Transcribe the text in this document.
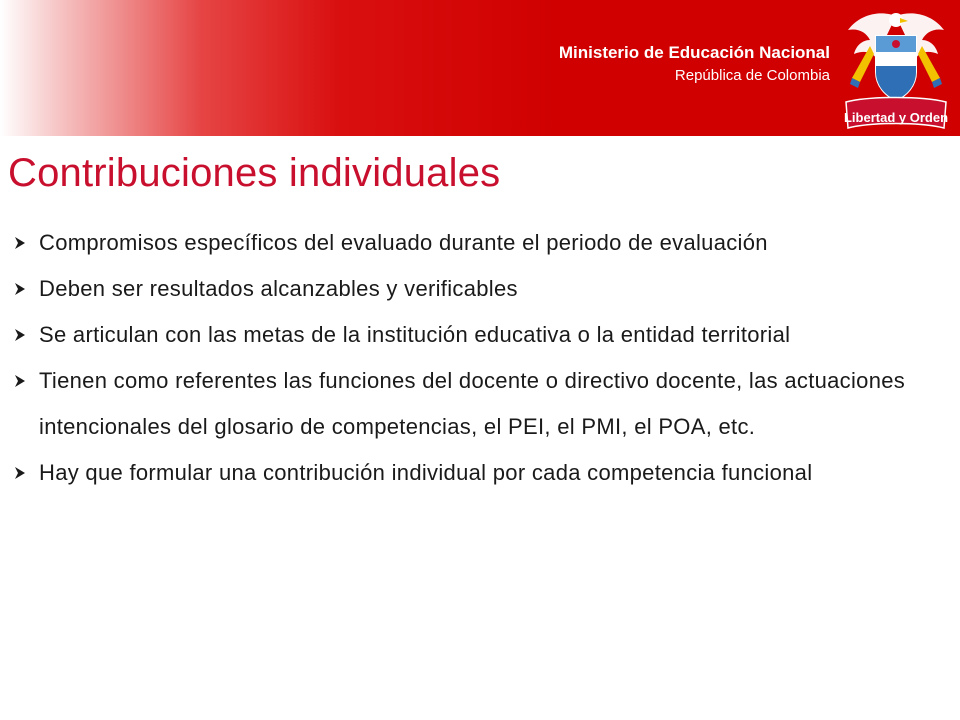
Ministerio de Educación Nacional
República de Colombia
Libertad y Orden
Contribuciones individuales
Compromisos específicos del evaluado durante el periodo de evaluación
Deben ser resultados alcanzables y verificables
Se articulan con las metas de la institución educativa o la entidad territorial
Tienen como referentes las funciones del docente o directivo docente, las actuaciones intencionales del glosario de competencias, el PEI, el PMI, el POA, etc.
Hay que formular una contribución individual por cada competencia funcional
